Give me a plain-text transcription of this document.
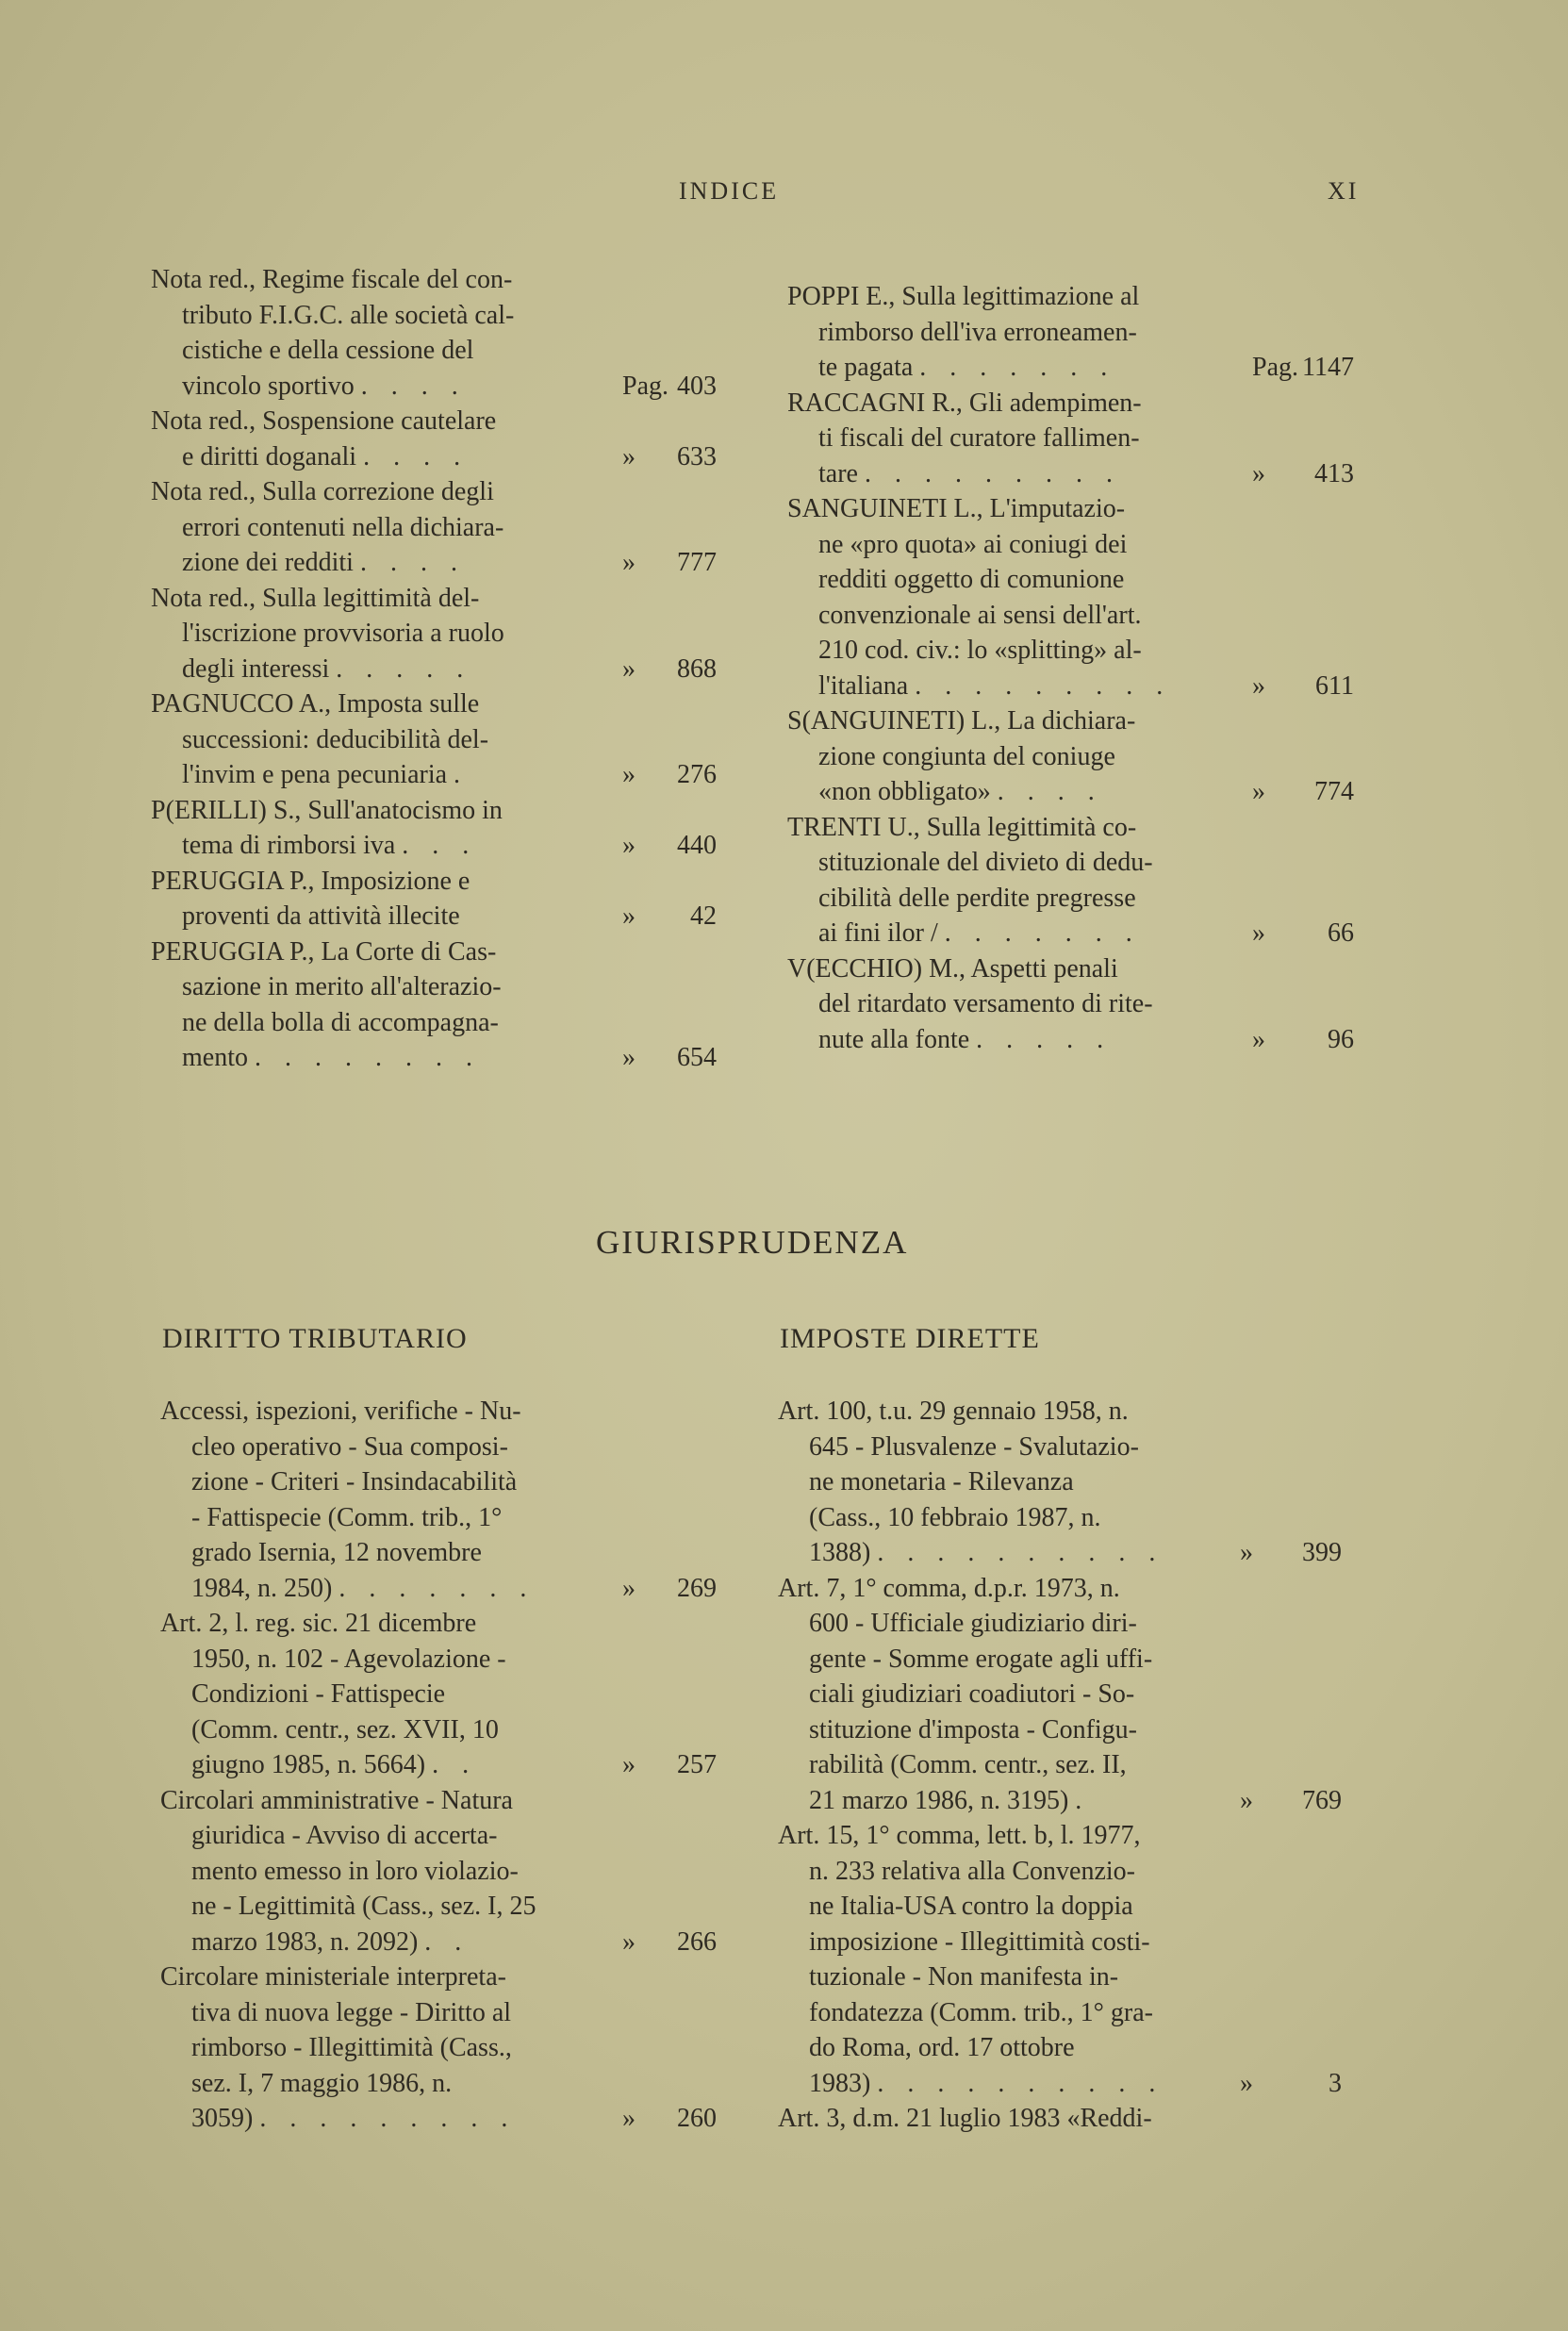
INDICE	XI
Nota red., Regime fiscale del con-
tributo F.I.G.C. alle società cal-
cistiche e della cessione del
vincolo sportivo . . . .	Pag. 403
Nota red., Sospensione cautelare
e diritti doganali . . . .	»	633
Nota red., Sulla correzione degli
errori contenuti nella dichiara-
zione dei redditi . . . .	»	777
Nota red., Sulla legittimità del-
l'iscrizione provvisoria a ruolo
degli interessi . . . . .	»	868
PAGNUCCO A., Imposta sulle
successioni: deducibilità del-
l'invim e pena pecuniaria .	»	276
P(ERILLI) S., Sull'anatocismo in
tema di rimborsi iva . . .	»	440
PERUGGIA P., Imposizione e
proventi da attività illecite	»	42
PERUGGIA P., La Corte di Cas-
sazione in merito all'alterazio-
ne della bolla di accompagna-
mento . . . . . . . .	»	654
POPPI E., Sulla legittimazione al
rimborso dell'iva erroneamen-
te pagata . . . . . . .	Pag. 1147
RACCAGNI R., Gli adempimen-
ti fiscali del curatore fallimen-
tare . . . . . . . . .	»	413
SANGUINETI L., L'imputazio-
ne «pro quota» ai coniugi dei
redditi oggetto di comunione
convenzionale ai sensi dell'art.
210 cod. civ.: lo «splitting» al-
l'italiana . . . . . . . . .	»	611
S(ANGUINETI) L., La dichiara-
zione congiunta del coniuge
«non obbligato» . . . .	»	774
TRENTI U., Sulla legittimità co-
stituzionale del divieto di dedu-
cibilità delle perdite pregresse
ai fini ilor / . . . . . . .	»	66
V(ECCHIO) M., Aspetti penali
del ritardato versamento di rite-
nute alla fonte . . . . .	»	96
GIURISPRUDENZA
DIRITTO TRIBUTARIO	IMPOSTE DIRETTE
Accessi, ispezioni, verifiche - Nu-
cleo operativo - Sua composi-
zione - Criteri - Insindacabilità
- Fattispecie (Comm. trib., 1°
grado Isernia, 12 novembre
1984, n. 250) . . . . . . .	»	269
Art. 2, l. reg. sic. 21 dicembre
1950, n. 102 - Agevolazione -
Condizioni - Fattispecie
(Comm. centr., sez. XVII, 10
giugno 1985, n. 5664) . .	»	257
Circolari amministrative - Natura
giuridica - Avviso di accerta-
mento emesso in loro violazio-
ne - Legittimità (Cass., sez. I, 25
marzo 1983, n. 2092) . .	»	266
Circolare ministeriale interpreta-
tiva di nuova legge - Diritto al
rimborso - Illegittimità (Cass.,
sez. I, 7 maggio 1986, n.
3059) . . . . . . . . .	»	260
Art. 100, t.u. 29 gennaio 1958, n.
645 - Plusvalenze - Svalutazio-
ne monetaria - Rilevanza
(Cass., 10 febbraio 1987, n.
1388) . . . . . . . . . .	»	399
Art. 7, 1° comma, d.p.r. 1973, n.
600 - Ufficiale giudiziario diri-
gente - Somme erogate agli uffi-
ciali giudiziari coadiutori - So-
stituzione d'imposta - Configu-
rabilità (Comm. centr., sez. II,
21 marzo 1986, n. 3195) .	»	769
Art. 15, 1° comma, lett. b, l. 1977,
n. 233 relativa alla Convenzio-
ne Italia-USA contro la doppia
imposizione - Illegittimità costi-
tuzionale - Non manifesta in-
fondatezza (Comm. trib., 1° gra-
do Roma, ord. 17 ottobre
1983) . . . . . . . . . .	»	3
Art. 3, d.m. 21 luglio 1983 «Reddi-
